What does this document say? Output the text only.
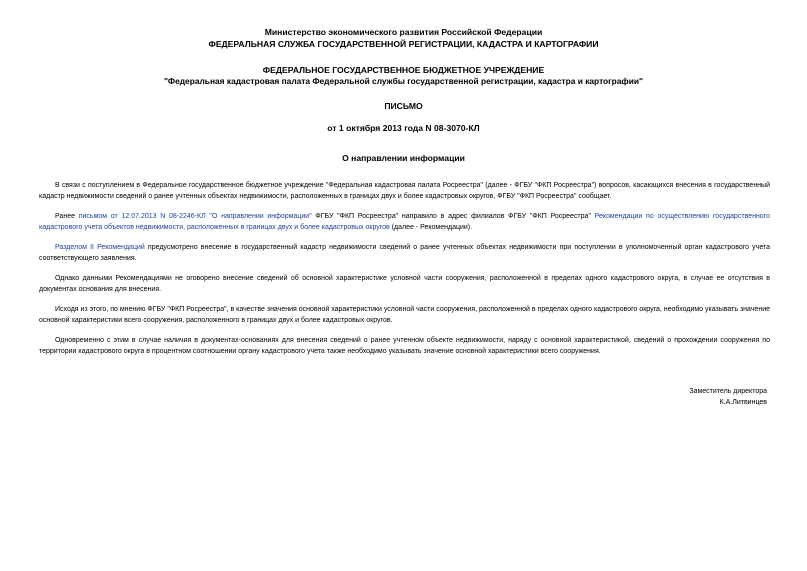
Министерство экономического развития Российской Федерации
ФЕДЕРАЛЬНАЯ СЛУЖБА ГОСУДАРСТВЕННОЙ РЕГИСТРАЦИИ, КАДАСТРА И КАРТОГРАФИИ
ФЕДЕРАЛЬНОЕ ГОСУДАРСТВЕННОЕ БЮДЖЕТНОЕ УЧРЕЖДЕНИЕ
"Федеральная кадастровая палата Федеральной службы государственной регистрации, кадастра и картографии"
ПИСЬМО
от 1 октября 2013 года N 08-3070-КЛ
О направлении информации
В связи с поступлением в Федеральное государственное бюджетное учреждение "Федеральная кадастровая палата Росреестра" (далее - ФГБУ "ФКП Росреестра") вопросов, касающихся внесения в государственный кадастр недвижимости сведений о ранее учтенных объектах недвижимости, расположенных в границах двух и более кадастровых округов, ФГБУ "ФКП Росреестра" сообщает.
Ранее письмом от 12.07.2013 N 08-2246-КЛ "О направлении информации" ФГБУ "ФКП Росреестра" направило в адрес филиалов ФГБУ "ФКП Росреестра" Рекомендации по осуществлению государственного кадастрового учета объектов недвижимости, расположенных в границах двух и более кадастровых округов (далее - Рекомендации).
Разделом II Рекомендаций предусмотрено внесение в государственный кадастр недвижимости сведений о ранее учтенных объектах недвижимости при поступлении в уполномоченный орган кадастрового учета соответствующего заявления.
Однако данными Рекомендациями не оговорено внесение сведений об основной характеристике условной части сооружения, расположенной в пределах одного кадастрового округа, в случае ее отсутствия в документах основания для внесения.
Исходя из этого, по мнению ФГБУ "ФКП Росреестра", в качестве значения основной характеристики условной части сооружения, расположенной в пределах одного кадастрового округа, необходимо указывать значение основной характеристики всего сооружения, расположенного в границах двух и более кадастровых округов.
Одновременно с этим в случае наличия в документах-основаниях для внесения сведений о ранее учтенном объекте недвижимости, наряду с основной характеристикой, сведений о прохождении сооружения по территории кадастрового округа в процентном соотношении органу кадастрового учета также необходимо указывать значение основной характеристики всего сооружения.
Заместитель директора
К.А.Литвинцев
